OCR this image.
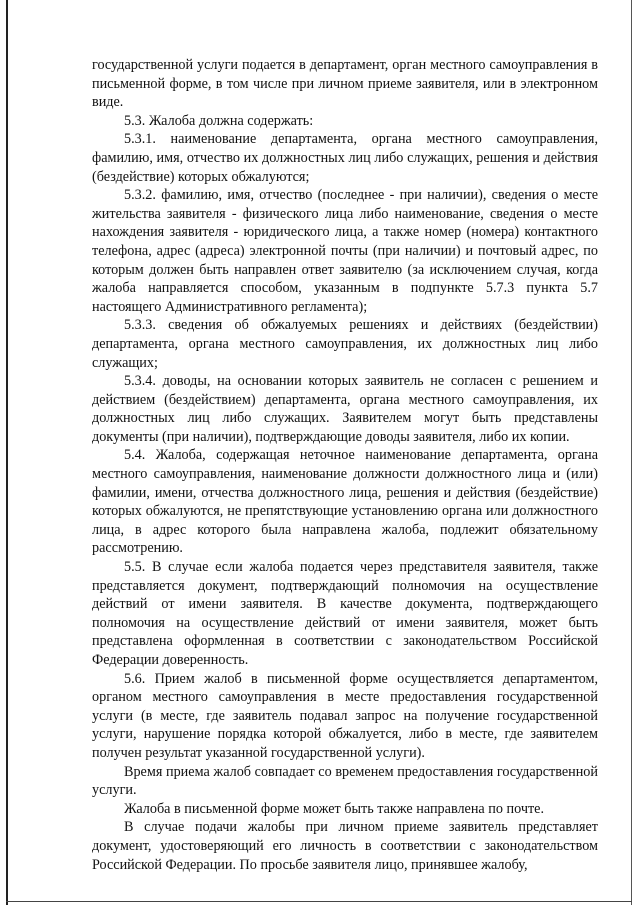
государственной услуги подается в департамент, орган местного самоуправления в письменной форме, в том числе при личном приеме заявителя, или в электронном виде.

5.3. Жалоба должна содержать:

5.3.1. наименование департамента, органа местного самоуправления, фамилию, имя, отчество их должностных лиц либо служащих, решения и действия (бездействие) которых обжалуются;

5.3.2. фамилию, имя, отчество (последнее - при наличии), сведения о месте жительства заявителя - физического лица либо наименование, сведения о месте нахождения заявителя - юридического лица, а также номер (номера) контактного телефона, адрес (адреса) электронной почты (при наличии) и почтовый адрес, по которым должен быть направлен ответ заявителю (за исключением случая, когда жалоба направляется способом, указанным в подпункте 5.7.3 пункта 5.7 настоящего Административного регламента);

5.3.3. сведения об обжалуемых решениях и действиях (бездействии) департамента, органа местного самоуправления, их должностных лиц либо служащих;

5.3.4. доводы, на основании которых заявитель не согласен с решением и действием (бездействием) департамента, органа местного самоуправления, их должностных лиц либо служащих. Заявителем могут быть представлены документы (при наличии), подтверждающие доводы заявителя, либо их копии.

5.4. Жалоба, содержащая неточное наименование департамента, органа местного самоуправления, наименование должности должностного лица и (или) фамилии, имени, отчества должностного лица, решения и действия (бездействие) которых обжалуются, не препятствующие установлению органа или должностного лица, в адрес которого была направлена жалоба, подлежит обязательному рассмотрению.

5.5. В случае если жалоба подается через представителя заявителя, также представляется документ, подтверждающий полномочия на осуществление действий от имени заявителя. В качестве документа, подтверждающего полномочия на осуществление действий от имени заявителя, может быть представлена оформленная в соответствии с законодательством Российской Федерации доверенность.

5.6. Прием жалоб в письменной форме осуществляется департаментом, органом местного самоуправления в месте предоставления государственной услуги (в месте, где заявитель подавал запрос на получение государственной услуги, нарушение порядка которой обжалуется, либо в месте, где заявителем получен результат указанной государственной услуги).

Время приема жалоб совпадает со временем предоставления государственной услуги.

Жалоба в письменной форме может быть также направлена по почте.

В случае подачи жалобы при личном приеме заявитель представляет документ, удостоверяющий его личность в соответствии с законодательством Российской Федерации. По просьбе заявителя лицо, принявшее жалобу,
